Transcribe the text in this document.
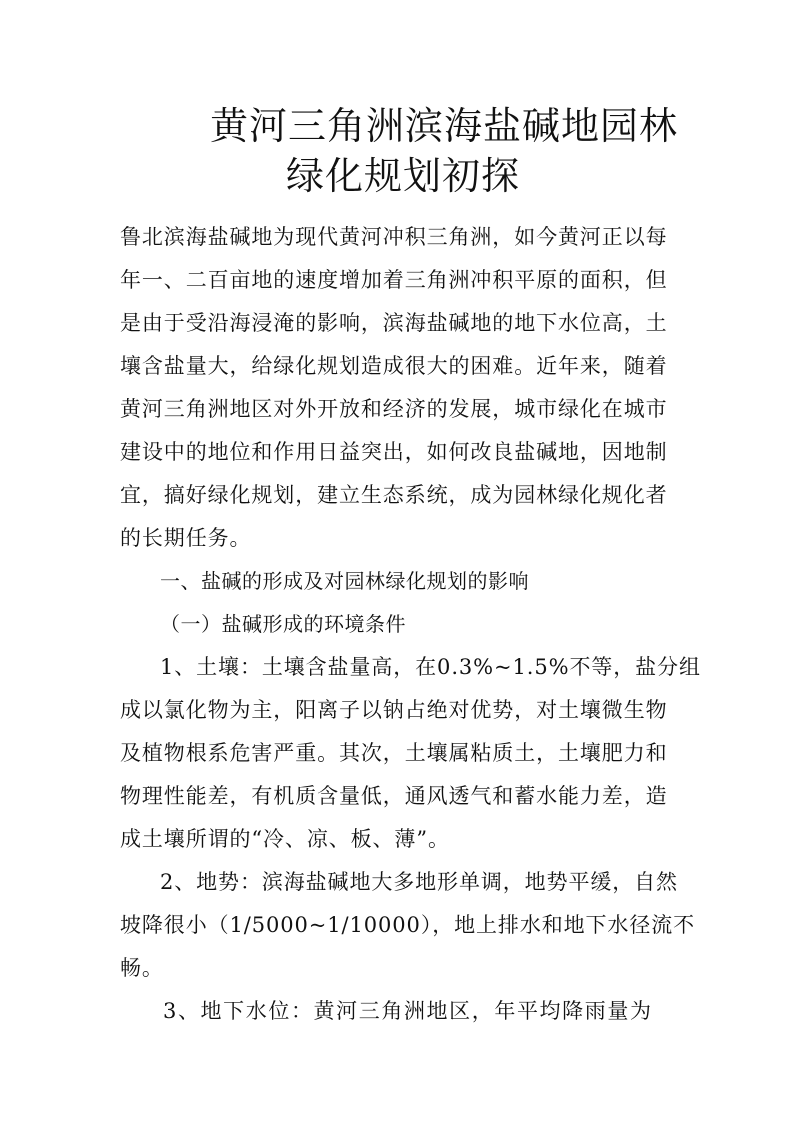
黄河三角洲滨海盐碱地园林
绿化规划初探

鲁北滨海盐碱地为现代黄河冲积三角洲，如今黄河正以每

年一、二百亩地的速度增加着三角洲冲积平原的面积，但

是由于受沿海浸淹的影响，滨海盐碱地的地下水位高，土

壤含盐量大，给绿化规划造成很大的困难。近年来，随着

黄河三角洲地区对外开放和经济的发展，城市绿化在城市

建设中的地位和作用日益突出，如何改良盐碱地，因地制

宜，搞好绿化规划，建立生态系统，成为园林绿化规化者

的长期任务。

一、盐碱的形成及对园林绿化规划的影响

（一）盐碱形成的环境条件

1、土壤：土壤含盐量高，在0.3%~1.5%不等，盐分组

成以氯化物为主，阳离子以钠占绝对优势，对土壤微生物

及植物根系危害严重。其次，土壤属粘质土，土壤肥力和

物理性能差，有机质含量低，通风透气和蓄水能力差，造

成土壤所谓的“冷、凉、板、薄”。

2、地势：滨海盐碱地大多地形单调，地势平缓，自然

坡降很小（1/5000~1/10000），地上排水和地下水径流不

畅。

3、地下水位：黄河三角洲地区，年平均降雨量为
